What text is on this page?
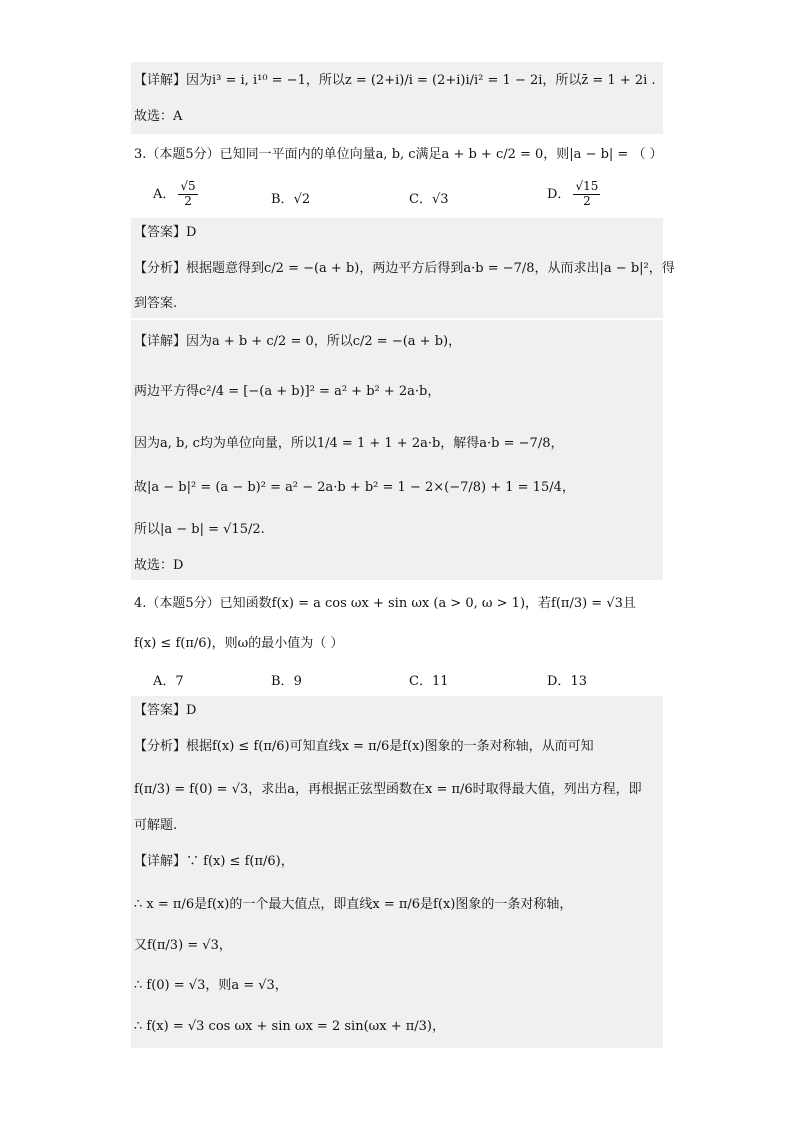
【详解】因为i³ = i, i¹⁰ = −1，所以z = (2+i)/i = (2+i)i/i² = 1 − 2i，所以z̄ = 1 + 2i .
故选：A
3.（本题5分）已知同一平面内的单位向量a, b, c满足a + b + c/2 = 0，则|a − b| = （ ）
A． $\frac{√5}{2}$	B．√2	C．√3	D． $\frac{√15}{2}$
【答案】D
【分析】根据题意得到c/2 = −(a + b)，两边平方后得到a·b = −7/8，从而求出|a − b|²，得
到答案.
【详解】因为a + b + c/2 = 0，所以c/2 = −(a + b)，
两边平方得c²/4 = [−(a + b)]² = a² + b² + 2a·b，
因为a, b, c均为单位向量，所以1/4 = 1 + 1 + 2a·b，解得a·b = −7/8，
故|a − b|² = (a − b)² = a² − 2a·b + b² = 1 − 2×(−7/8) + 1 = 15/4，
所以|a − b| = √15/2.
故选：D
4.（本题5分）已知函数f(x) = a cos ωx + sin ωx (a > 0, ω > 1)，若f(π/3) = √3且
f(x) ≤ f(π/6)，则ω的最小值为（ ）
A．7	B．9	C．11	D．13
【答案】D
【分析】根据f(x) ≤ f(π/6)可知直线x = π/6是f(x)图象的一条对称轴，从而可知
f(π/3) = f(0) = √3，求出a，再根据正弦型函数在x = π/6时取得最大值，列出方程，即
可解题.
【详解】∵ f(x) ≤ f(π/6)，
∴ x = π/6是f(x)的一个最大值点，即直线x = π/6是f(x)图象的一条对称轴，
又f(π/3) = √3，
∴ f(0) = √3，则a = √3，
∴ f(x) = √3 cos ωx + sin ωx = 2 sin(ωx + π/3)，
